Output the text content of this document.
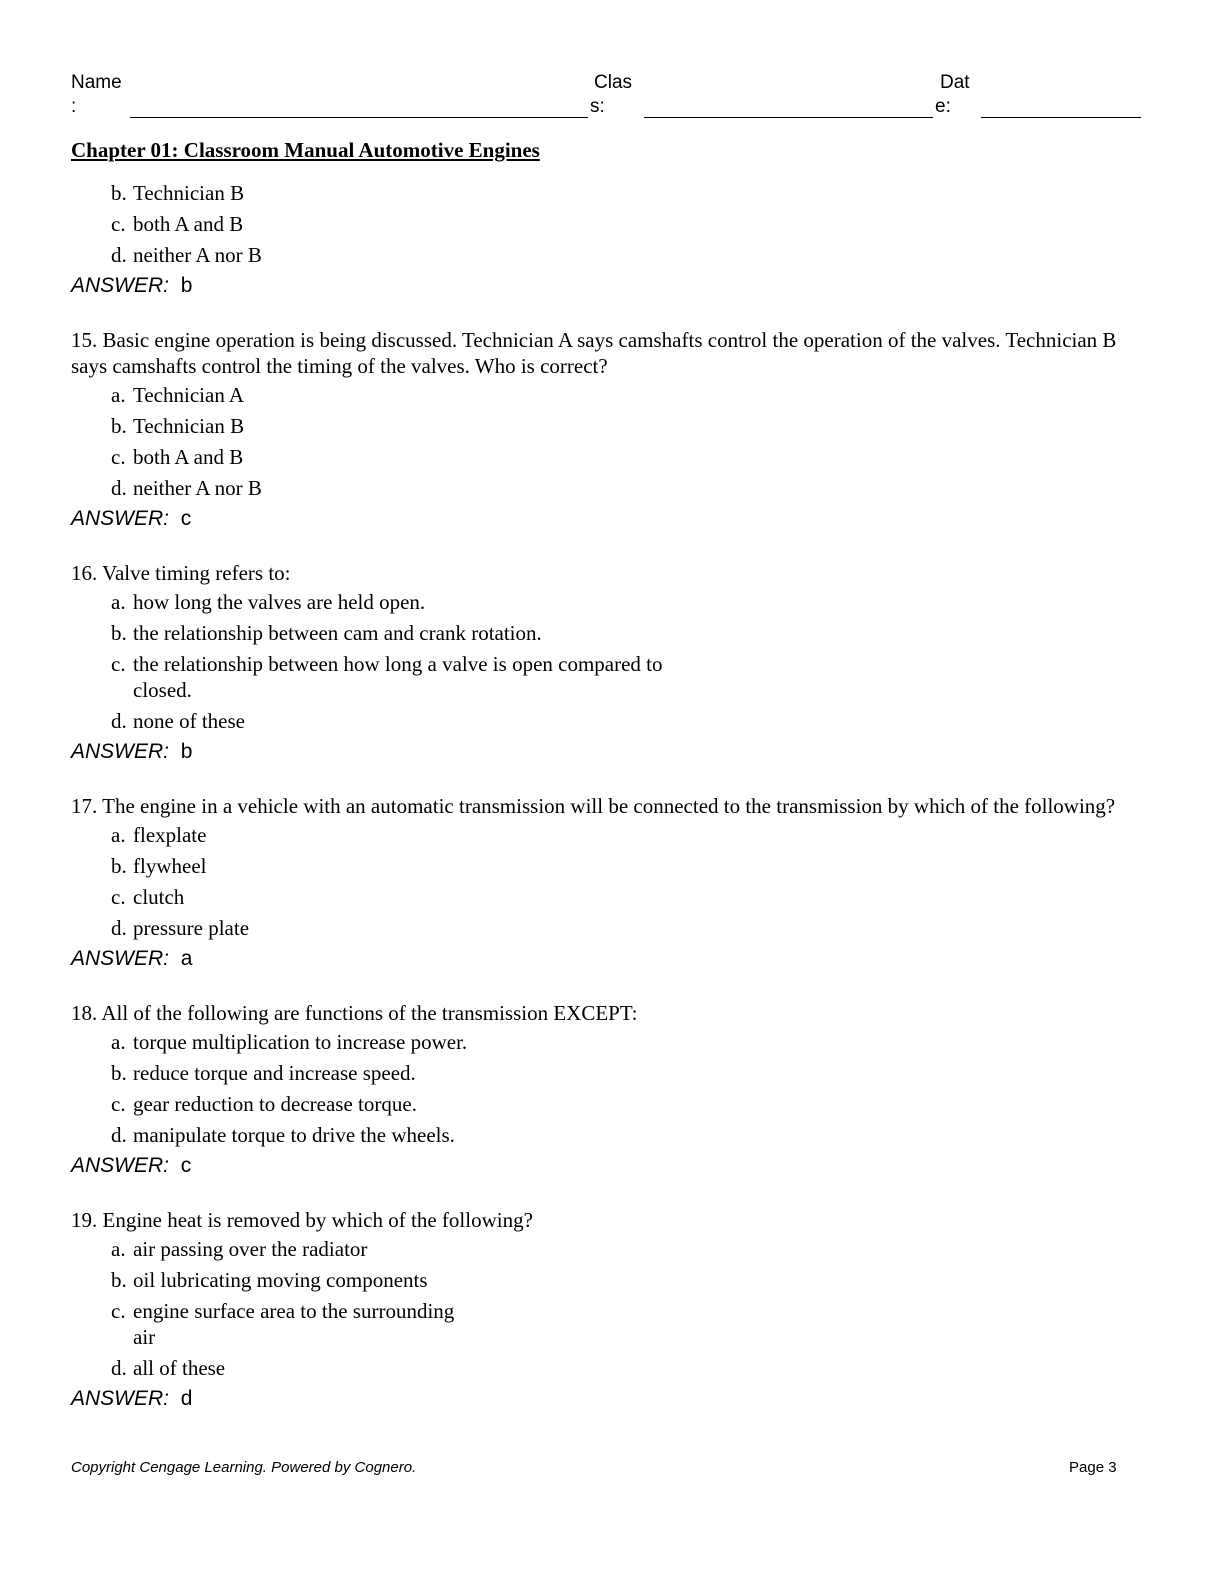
Name
:
Clas
s:
Dat
e:
Chapter 01: Classroom Manual Automotive Engines
b. Technician B
c. both A and B
d. neither A nor B
ANSWER: b
15. Basic engine operation is being discussed. Technician A says camshafts control the operation of the valves. Technician B says camshafts control the timing of the valves. Who is correct?
a. Technician A
b. Technician B
c. both A and B
d. neither A nor B
ANSWER: c
16. Valve timing refers to:
a. how long the valves are held open.
b. the relationship between cam and crank rotation.
c. the relationship between how long a valve is open compared to closed.
d. none of these
ANSWER: b
17. The engine in a vehicle with an automatic transmission will be connected to the transmission by which of the following?
a. flexplate
b. flywheel
c. clutch
d. pressure plate
ANSWER: a
18. All of the following are functions of the transmission EXCEPT:
a. torque multiplication to increase power.
b. reduce torque and increase speed.
c. gear reduction to decrease torque.
d. manipulate torque to drive the wheels.
ANSWER: c
19. Engine heat is removed by which of the following?
a. air passing over the radiator
b. oil lubricating moving components
c. engine surface area to the surrounding air
d. all of these
ANSWER: d
Copyright Cengage Learning. Powered by Cognero.	Page 3
